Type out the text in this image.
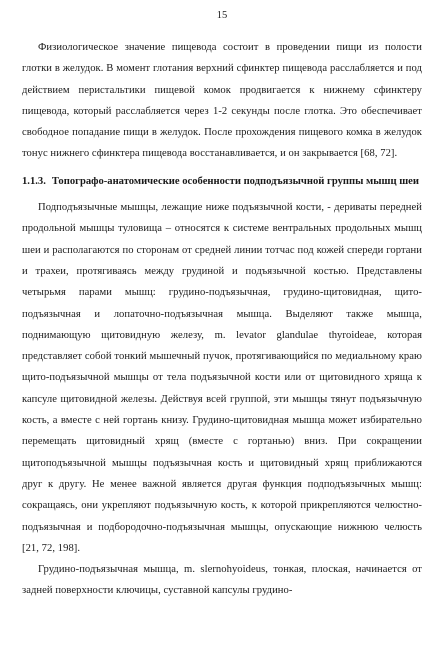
15

Физиологическое значение пищевода состоит в проведении пищи из полости глотки в желудок. В момент глотания верхний сфинктер пищевода расслабляется и под действием перистальтики пищевой комок продвигается к нижнему сфинктеру пищевода, который расслабляется через 1-2 секунды после глотка. Это обеспечивает свободное попадание пищи в желудок. После прохождения пищевого комка в желудок тонус нижнего сфинктера пищевода восстанавливается, и он закрывается [68, 72].

1.1.3. Топографо-анатомические особенности подподъязычной группы мышц шеи

Подподъязычные мышцы, лежащие ниже подъязычной кости, - дериваты передней продольной мышцы туловища – относятся к системе вентральных продольных мышц шеи и располагаются по сторонам от средней линии тотчас под кожей спереди гортани и трахеи, протягиваясь между грудиной и подъязычной костью. Представлены четырьмя парами мышц: грудино-подъязычная, грудино-щитовидная, щито-подъязычная и лопаточно-подъязычная мышца. Выделяют также мышца, поднимающую щитовидную железу, m. levator glandulae thyroideae, которая представляет собой тонкий мышечный пучок, протягивающийся по медиальному краю щито-подъязычной мышцы от тела подъязычной кости или от щитовидного хряща к капсуле щитовидной железы. Действуя всей группой, эти мышцы тянут подъязычную кость, а вместе с ней гортань книзу. Грудино-щитовидная мышца может избирательно перемещать щитовидный хрящ (вместе с гортанью) вниз. При сокращении щитоподъязычной мышцы подъязычная кость и щитовидный хрящ приближаются друг к другу. Не менее важной является другая функция подподъязычных мышц: сокращаясь, они укрепляют подъязычную кость, к которой прикрепляются челюстно-подъязычная и подбородочно-подъязычная мышцы, опускающие нижнюю челюсть [21, 72, 198].

Грудино-подъязычная мышца, m. slernohyoideus, тонкая, плоская, начинается от задней поверхности ключицы, суставной капсулы грудино-
